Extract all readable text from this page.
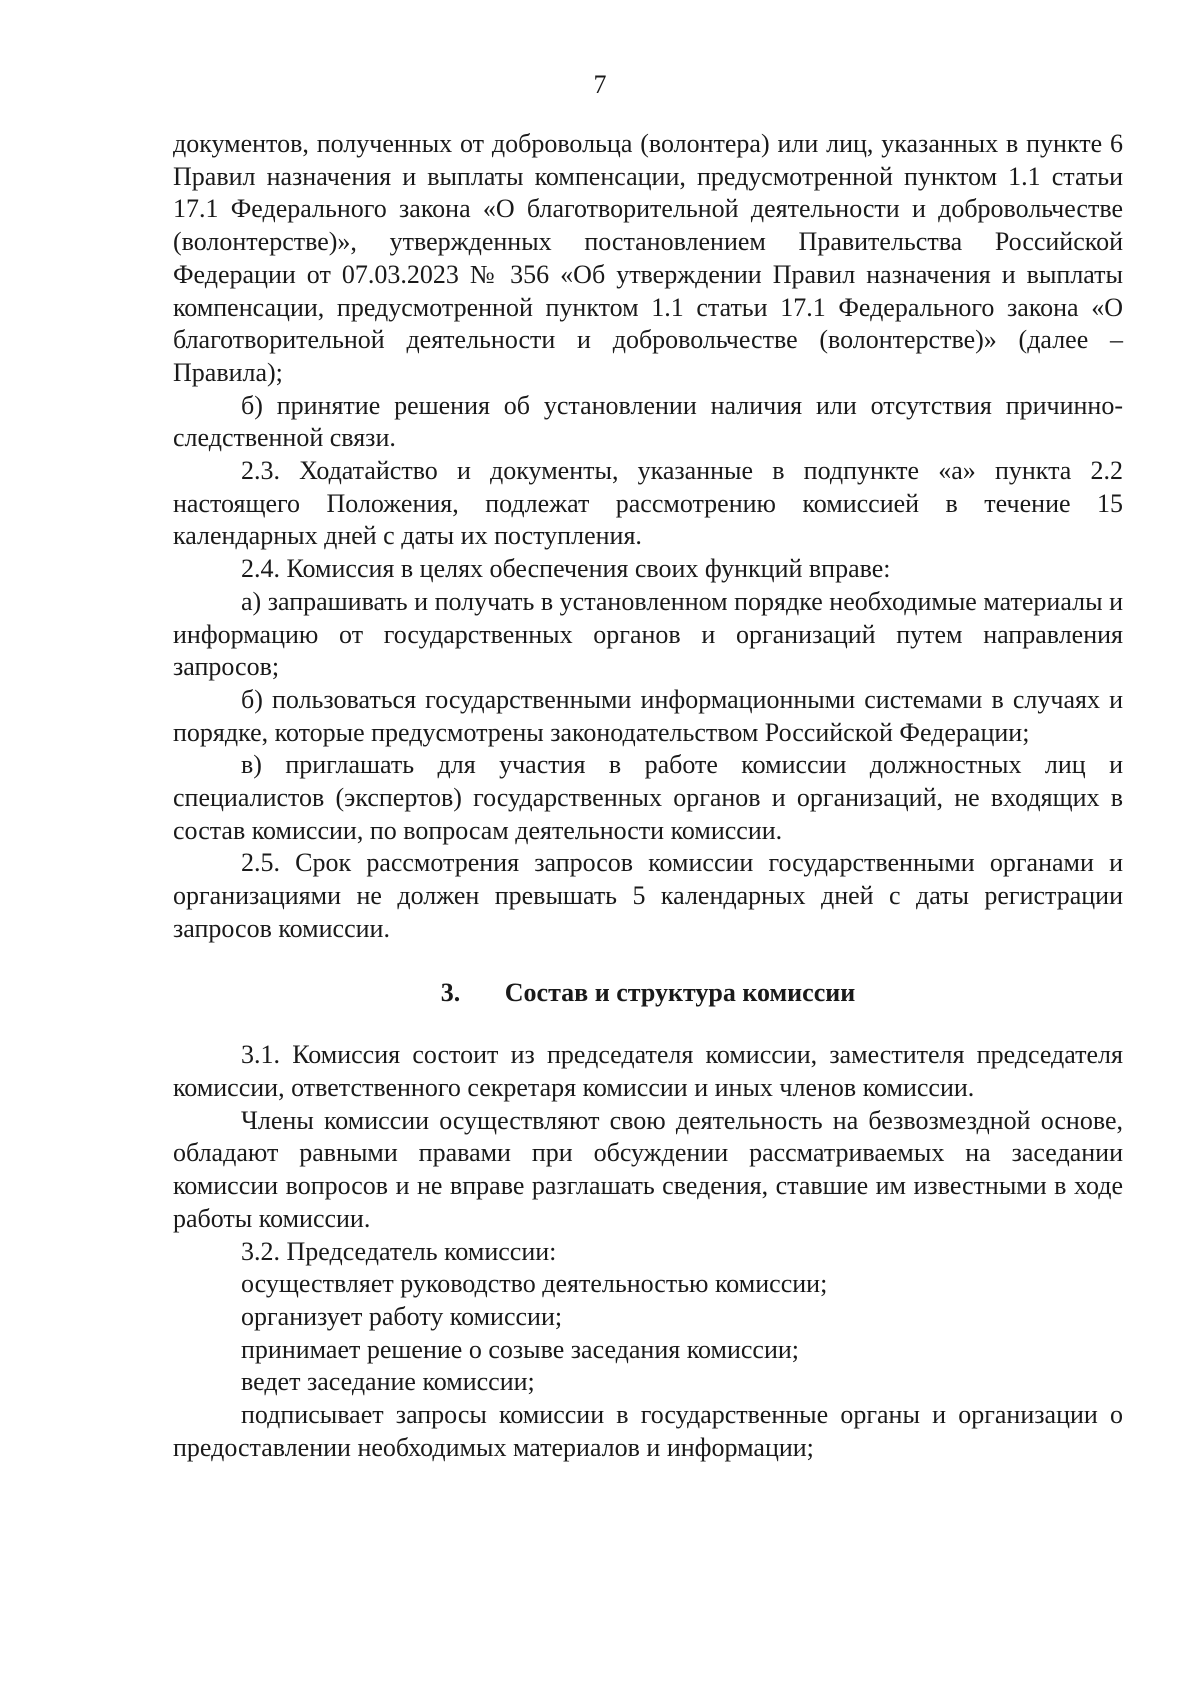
7

документов, полученных от добровольца (волонтера) или лиц, указанных в пункте 6 Правил назначения и выплаты компенсации, предусмотренной пунктом 1.1 статьи 17.1 Федерального закона «О благотворительной деятельности и добровольчестве (волонтерстве)», утвержденных постановлением Правительства Российской Федерации от 07.03.2023 № 356 «Об утверждении Правил назначения и выплаты компенсации, предусмотренной пунктом 1.1 статьи 17.1 Федерального закона «О благотворительной деятельности и добровольчестве (волонтерстве)» (далее – Правила);

б) принятие решения об установлении наличия или отсутствия причинно-следственной связи.

2.3. Ходатайство и документы, указанные в подпункте «а» пункта 2.2 настоящего Положения, подлежат рассмотрению комиссией в течение 15 календарных дней с даты их поступления.

2.4. Комиссия в целях обеспечения своих функций вправе:

а) запрашивать и получать в установленном порядке необходимые материалы и информацию от государственных органов и организаций путем направления запросов;

б) пользоваться государственными информационными системами в случаях и порядке, которые предусмотрены законодательством Российской Федерации;

в) приглашать для участия в работе комиссии должностных лиц и специалистов (экспертов) государственных органов и организаций, не входящих в состав комиссии, по вопросам деятельности комиссии.

2.5. Срок рассмотрения запросов комиссии государственными органами и организациями не должен превышать 5 календарных дней с даты регистрации запросов комиссии.

3. Состав и структура комиссии

3.1. Комиссия состоит из председателя комиссии, заместителя председателя комиссии, ответственного секретаря комиссии и иных членов комиссии.

Члены комиссии осуществляют свою деятельность на безвозмездной основе, обладают равными правами при обсуждении рассматриваемых на заседании комиссии вопросов и не вправе разглашать сведения, ставшие им известными в ходе работы комиссии.

3.2. Председатель комиссии:

осуществляет руководство деятельностью комиссии;

организует работу комиссии;

принимает решение о созыве заседания комиссии;

ведет заседание комиссии;

подписывает запросы комиссии в государственные органы и организации о предоставлении необходимых материалов и информации;
